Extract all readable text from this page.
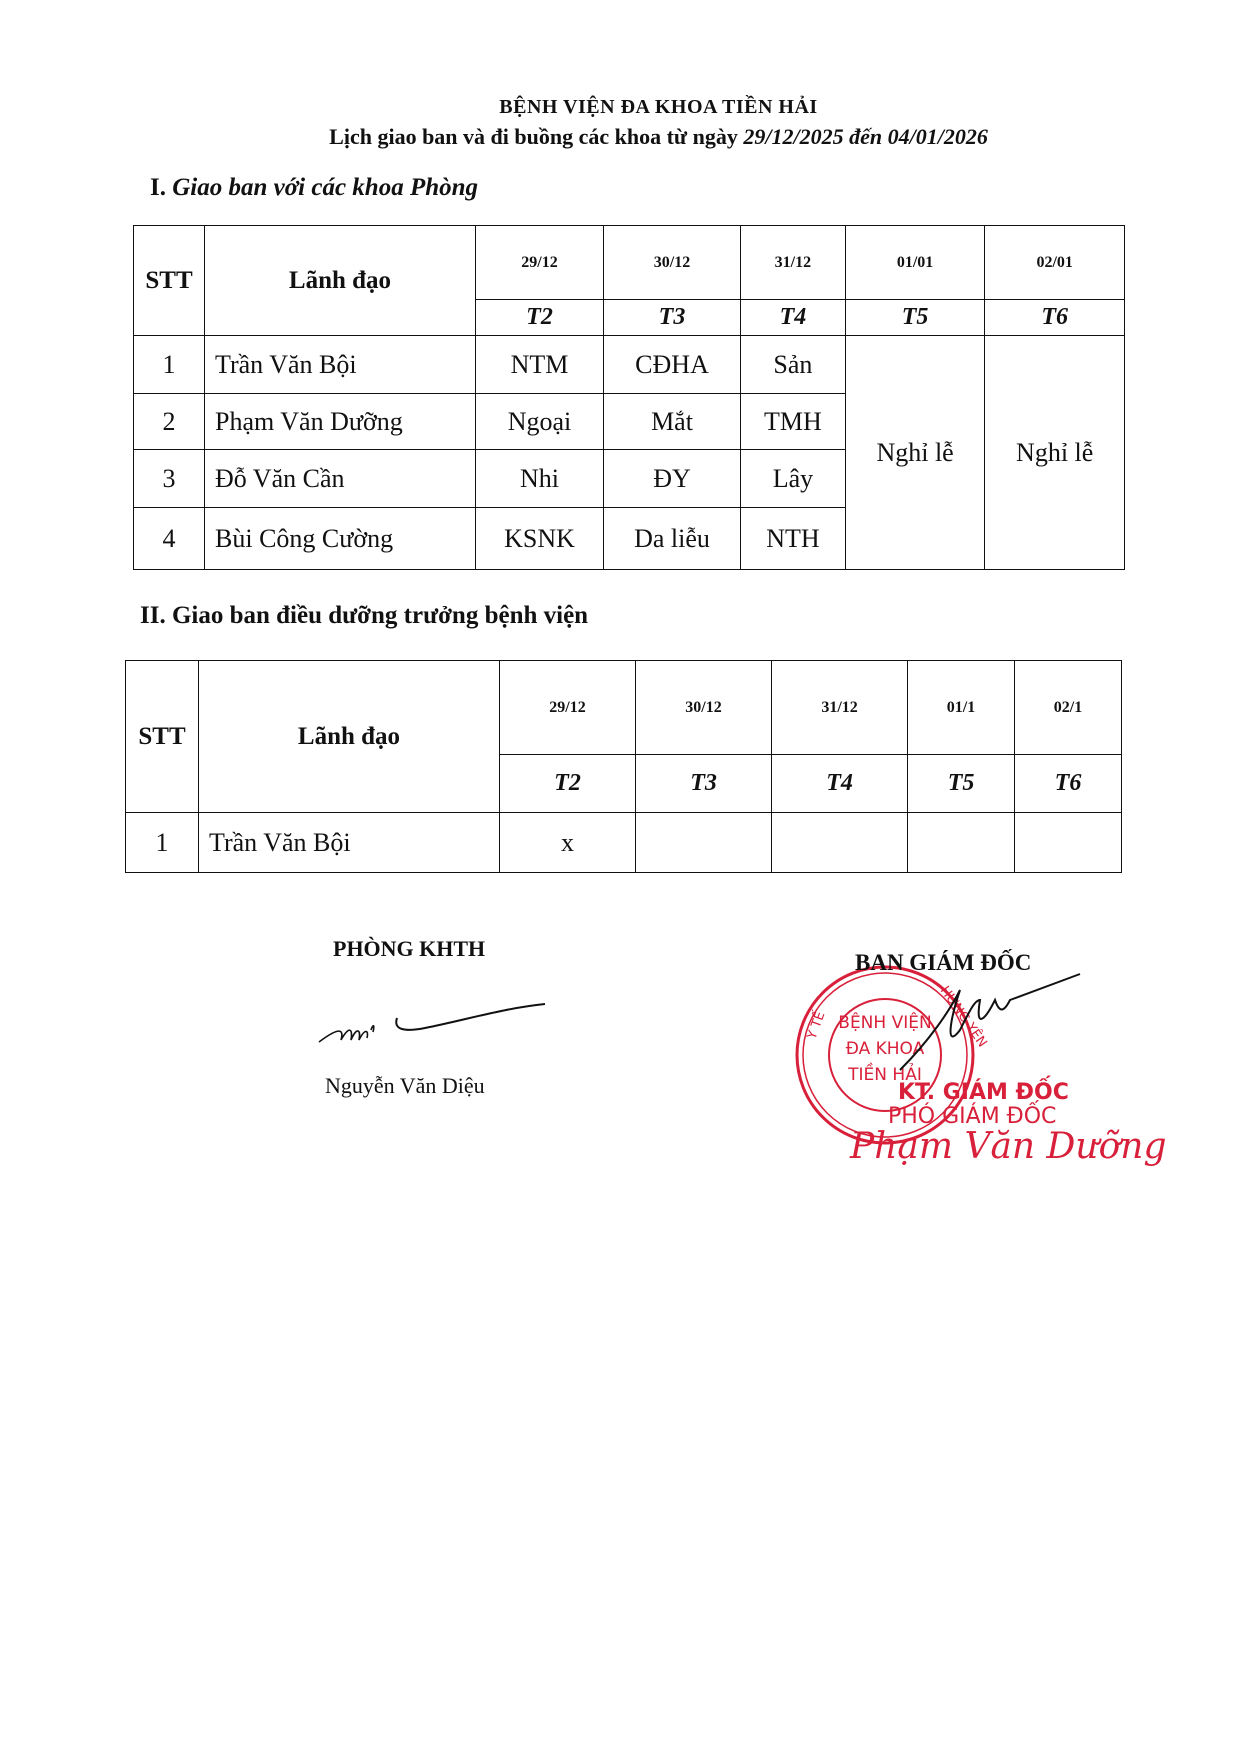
BỆNH VIỆN ĐA KHOA TIỀN HẢI
Lịch giao ban và đi buồng các khoa từ ngày 29/12/2025 đến 04/01/2026
I. Giao ban với các khoa Phòng
STT	Lãnh đạo	29/12	30/12	31/12	01/01	02/01
		T2	T3	T4	T5	T6
1	Trần Văn Bội	NTM	CĐHA	Sản	Nghỉ lễ	Nghỉ lễ
2	Phạm Văn Dưỡng	Ngoại	Mắt	TMH		
3	Đỗ Văn Cần	Nhi	ĐY	Lây		
4	Bùi Công Cường	KSNK	Da liễu	NTH		
II. Giao ban điều dưỡng trưởng bệnh viện
STT	Lãnh đạo	29/12	30/12	31/12	01/1	02/1
		T2	T3	T4	T5	T6
1	Trần Văn Bội	x				
PHÒNG KHTH
Nguyễn Văn Diệu
BỆNH VIỆN
ĐA KHOA
TIỀN HẢI
Y TẾ	HƯNG YÊN
BAN GIÁM ĐỐC
KT. GIÁM ĐỐC
PHÓ GIÁM ĐỐC
Phạm Văn Dưỡng
